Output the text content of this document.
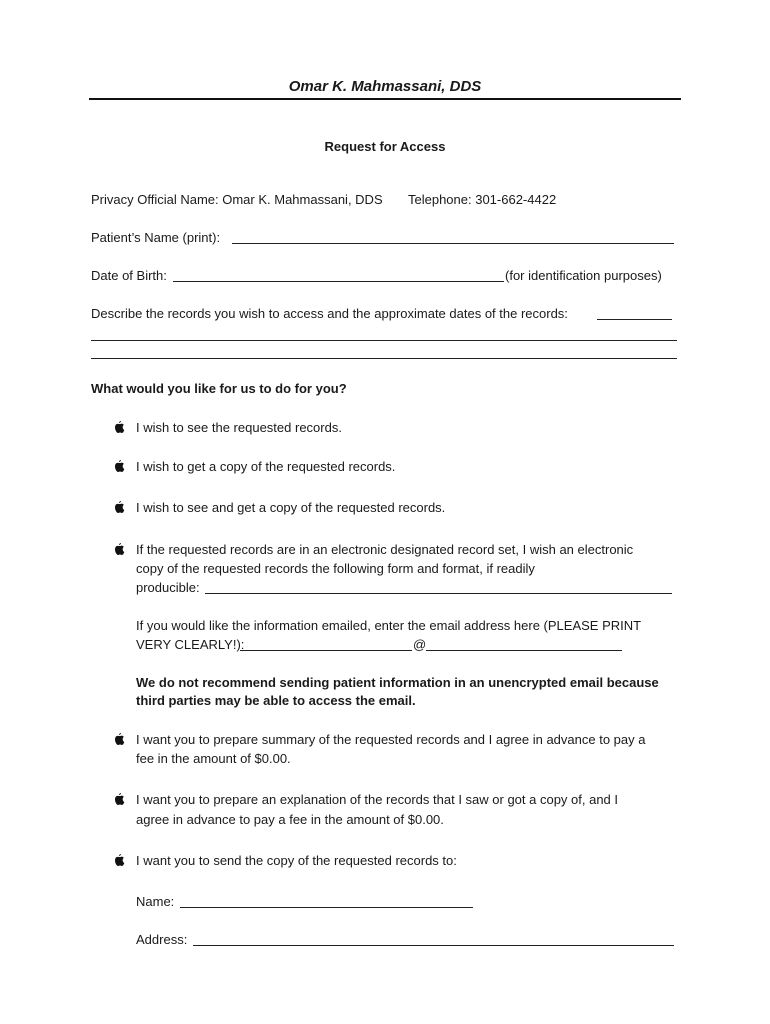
Omar K. Mahmassani, DDS
Request for Access
Privacy Official Name: Omar K. Mahmassani, DDS Telephone: 301-662-4422
Patient’s Name (print):
Date of Birth:	(for identification purposes)
Describe the records you wish to access and the approximate dates of the records:
What would you like for us to do for you?
I wish to see the requested records.
I wish to get a copy of the requested records.
I wish to see and get a copy of the requested records.
If the requested records are in an electronic designated record set, I wish an electronic
copy of the requested records the following form and format, if readily
producible:
If you would like the information emailed, enter the email address here (PLEASE PRINT
VERY CLEARLY!):	@
We do not recommend sending patient information in an unencrypted email because
third parties may be able to access the email.
I want you to prepare summary of the requested records and I agree in advance to pay a
fee in the amount of $0.00.
I want you to prepare an explanation of the records that I saw or got a copy of, and I
agree in advance to pay a fee in the amount of $0.00.
I want you to send the copy of the requested records to:
Name:
Address:
